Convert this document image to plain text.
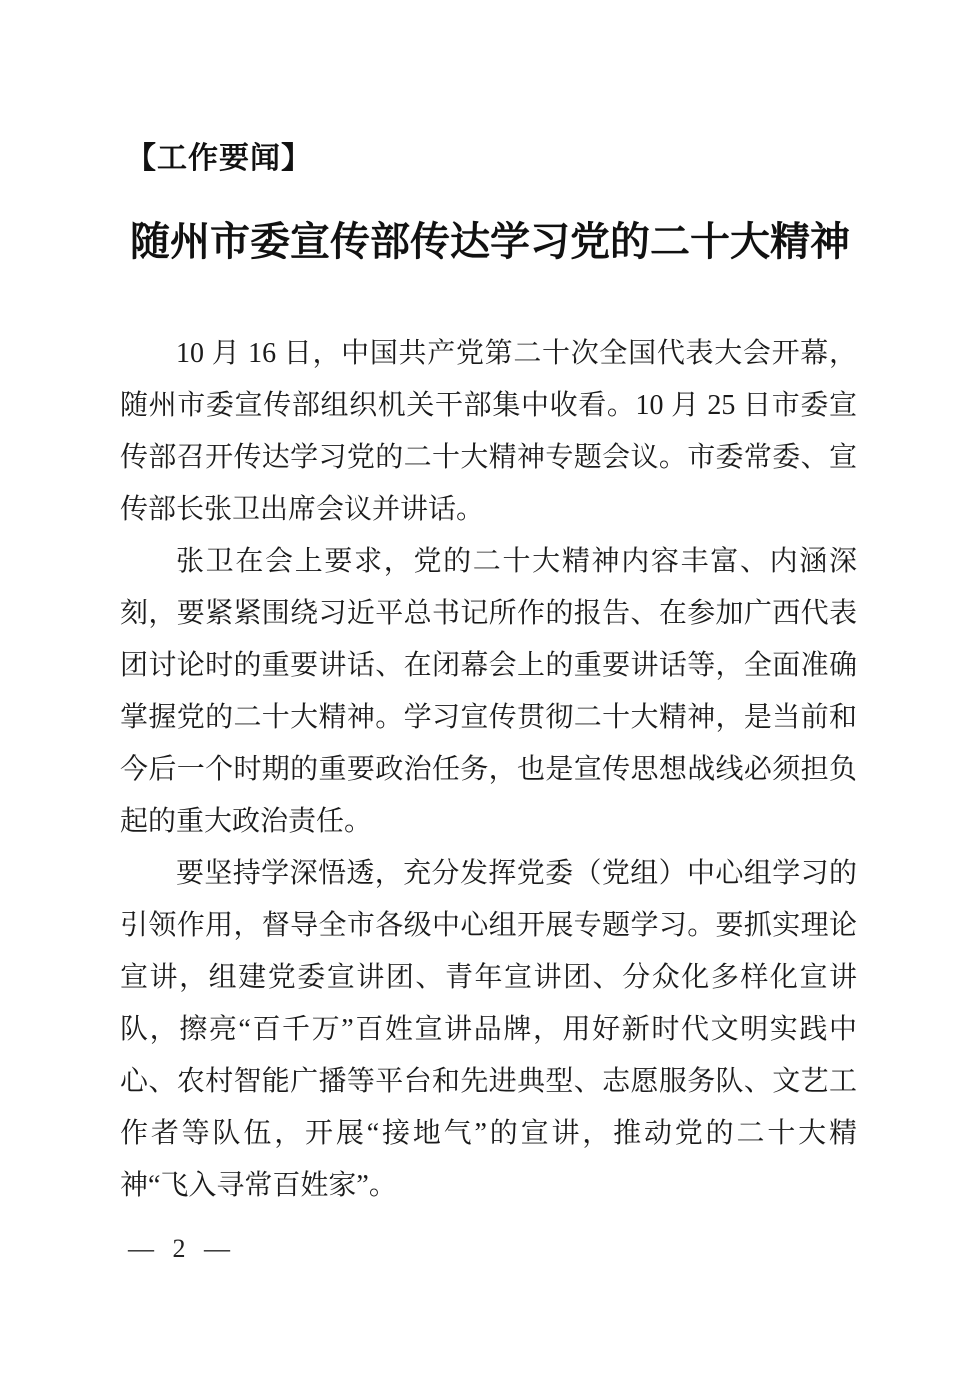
【工作要闻】
随州市委宣传部传达学习党的二十大精神

10 月 16 日，中国共产党第二十次全国代表大会开幕，随州市委宣传部组织机关干部集中收看。10 月 25 日市委宣传部召开传达学习党的二十大精神专题会议。市委常委、宣传部长张卫出席会议并讲话。

张卫在会上要求，党的二十大精神内容丰富、内涵深刻，要紧紧围绕习近平总书记所作的报告、在参加广西代表团讨论时的重要讲话、在闭幕会上的重要讲话等，全面准确掌握党的二十大精神。学习宣传贯彻二十大精神，是当前和今后一个时期的重要政治任务，也是宣传思想战线必须担负起的重大政治责任。

要坚持学深悟透，充分发挥党委（党组）中心组学习的引领作用，督导全市各级中心组开展专题学习。要抓实理论宣讲，组建党委宣讲团、青年宣讲团、分众化多样化宣讲队，擦亮“百千万”百姓宣讲品牌，用好新时代文明实践中心、农村智能广播等平台和先进典型、志愿服务队、文艺工作者等队伍，开展“接地气”的宣讲，推动党的二十大精神“飞入寻常百姓家”。

— 2 —
